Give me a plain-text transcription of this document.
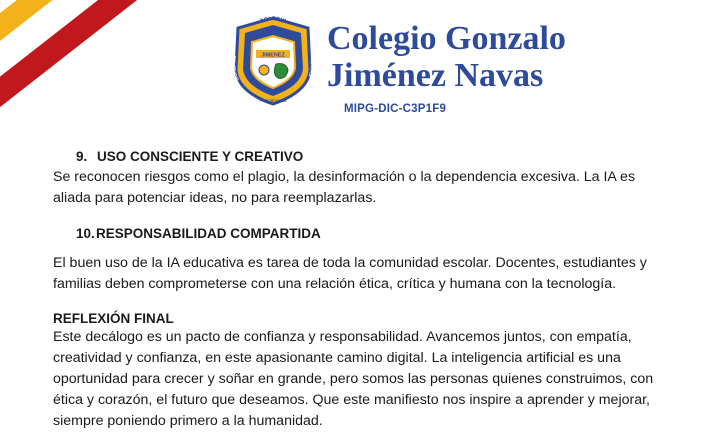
COLEGIO
GONZALO
NAVAS
JIMENEZ
Floridablanca
Colegio Gonzalo
Jiménez Navas
MIPG-DIC-C3P1F9
9. USO CONSCIENTE Y CREATIVO

Se reconocen riesgos como el plagio, la desinformación o la dependencia excesiva. La IA es aliada para potenciar ideas, no para reemplazarlas.

10.RESPONSABILIDAD COMPARTIDA

El buen uso de la IA educativa es tarea de toda la comunidad escolar. Docentes, estudiantes y familias deben comprometerse con una relación ética, crítica y humana con la tecnología.

REFLEXIÓN FINAL

Este decálogo es un pacto de confianza y responsabilidad. Avancemos juntos, con empatía, creatividad y confianza, en este apasionante camino digital. La inteligencia artificial es una oportunidad para crecer y soñar en grande, pero somos las personas quienes construimos, con ética y corazón, el futuro que deseamos. Que este manifiesto nos inspire a aprender y mejorar, siempre poniendo primero a la humanidad.
